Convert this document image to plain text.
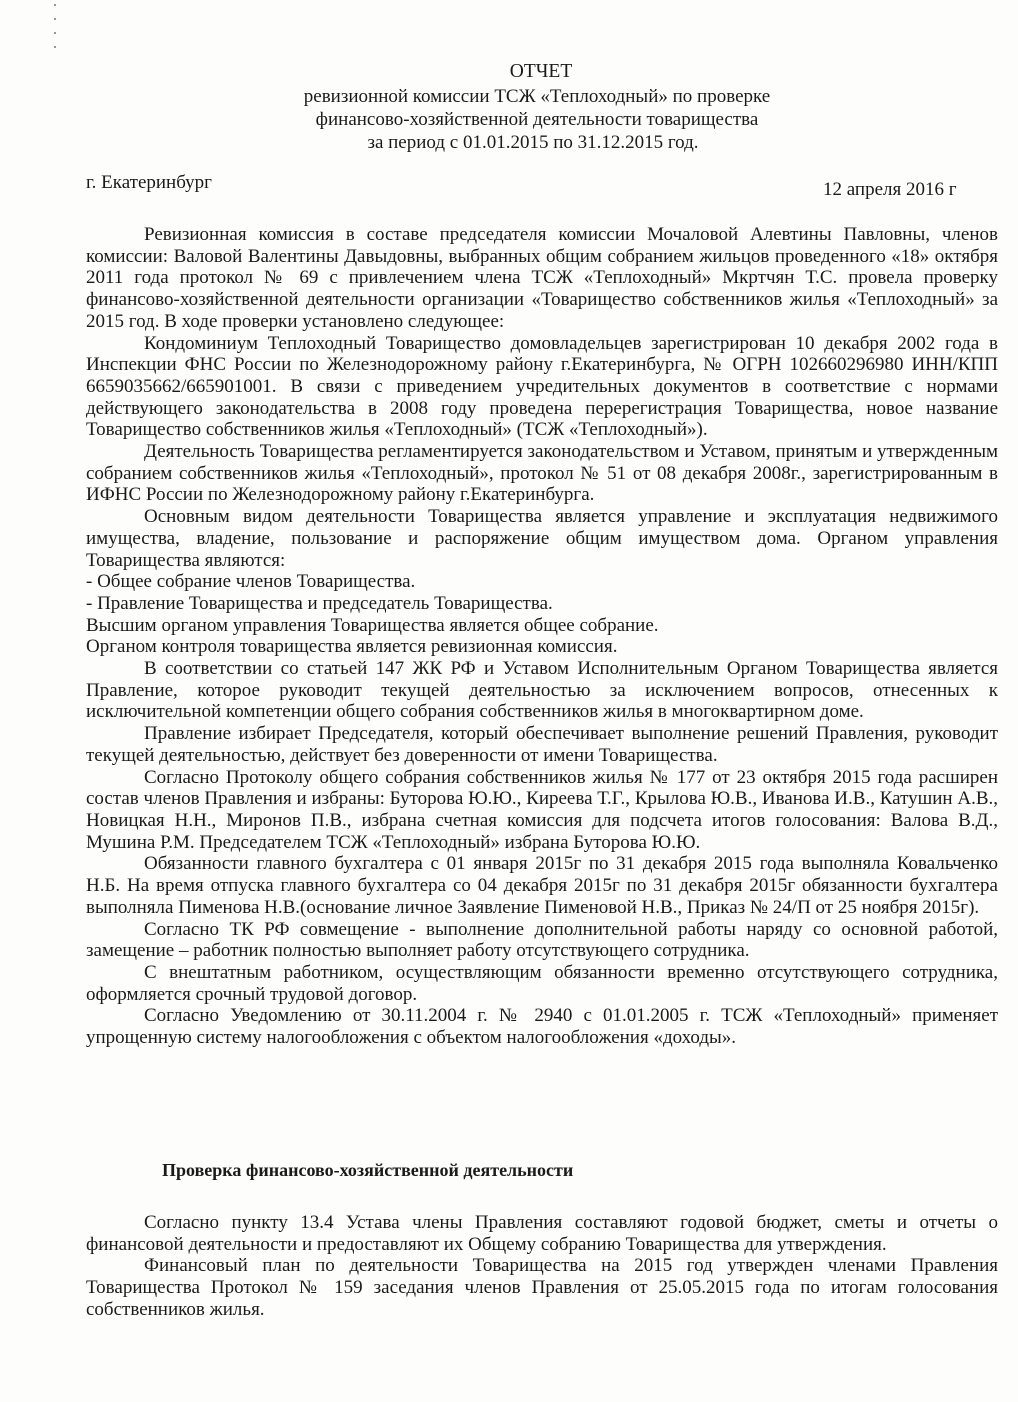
ОТЧЕТ
ревизионной комиссии ТСЖ «Теплоходный» по проверке
финансово-хозяйственной деятельности товарищества
за период с 01.01.2015 по 31.12.2015 год.
г. Екатеринбург	12 апреля 2016 г

Ревизионная комиссия в составе председателя комиссии Мочаловой Алевтины Павловны, членов комиссии: Валовой Валентины Давыдовны, выбранных общим собранием жильцов проведенного «18» октября 2011 года протокол № 69 с привлечением члена ТСЖ «Теплоходный» Мкртчян Т.С. провела проверку финансово-хозяйственной деятельности организации «Товарищество собственников жилья «Теплоходный» за 2015 год. В ходе проверки установлено следующее:

Кондоминиум Теплоходный Товарищество домовладельцев зарегистрирован 10 декабря 2002 года в Инспекции ФНС России по Железнодорожному району г.Екатеринбурга, № ОГРН 102660296980 ИНН/КПП 6659035662/665901001. В связи с приведением учредительных документов в соответствие с нормами действующего законодательства в 2008 году проведена перерегистрация Товарищества, новое название Товарищество собственников жилья «Теплоходный» (ТСЖ «Теплоходный»).

Деятельность Товарищества регламентируется законодательством и Уставом, принятым и утвержденным собранием собственников жилья «Теплоходный», протокол № 51 от 08 декабря 2008г., зарегистрированным в ИФНС России по Железнодорожному району г.Екатеринбурга.

Основным видом деятельности Товарищества является управление и эксплуатация недвижимого имущества, владение, пользование и распоряжение общим имуществом дома. Органом управления Товарищества являются:

- Общее собрание членов Товарищества.

- Правление Товарищества и председатель Товарищества.

Высшим органом управления Товарищества является общее собрание.

Органом контроля товарищества является ревизионная комиссия.

В соответствии со статьей 147 ЖК РФ и Уставом Исполнительным Органом Товарищества является Правление, которое руководит текущей деятельностью за исключением вопросов, отнесенных к исключительной компетенции общего собрания собственников жилья в многоквартирном доме.

Правление избирает Председателя, который обеспечивает выполнение решений Правления, руководит текущей деятельностью, действует без доверенности от имени Товарищества.

Согласно Протоколу общего собрания собственников жилья № 177 от 23 октября 2015 года расширен состав членов Правления и избраны: Буторова Ю.Ю., Киреева Т.Г., Крылова Ю.В., Иванова И.В., Катушин А.В., Новицкая Н.Н., Миронов П.В., избрана счетная комиссия для подсчета итогов голосования: Валова В.Д., Мушина Р.М. Председателем ТСЖ «Теплоходный» избрана Буторова Ю.Ю.

Обязанности главного бухгалтера с 01 января 2015г по 31 декабря 2015 года выполняла Ковальченко Н.Б. На время отпуска главного бухгалтера со 04 декабря 2015г по 31 декабря 2015г обязанности бухгалтера выполняла Пименова Н.В.(основание личное Заявление Пименовой Н.В., Приказ № 24/П от 25 ноября 2015г).

Согласно ТК РФ совмещение - выполнение дополнительной работы наряду со основной работой, замещение – работник полностью выполняет работу отсутствующего сотрудника.

С внештатным работником, осуществляющим обязанности временно отсутствующего сотрудника, оформляется срочный трудовой договор.

Согласно Уведомлению от 30.11.2004 г. № 2940 с 01.01.2005 г. ТСЖ «Теплоходный» применяет упрощенную систему налогообложения с объектом налогообложения «доходы».

Проверка финансово-хозяйственной деятельности

Согласно пункту 13.4 Устава члены Правления составляют годовой бюджет, сметы и отчеты о финансовой деятельности и предоставляют их Общему собранию Товарищества для утверждения.

Финансовый план по деятельности Товарищества на 2015 год утвержден членами Правления Товарищества Протокол № 159 заседания членов Правления от 25.05.2015 года по итогам голосования собственников жилья.
